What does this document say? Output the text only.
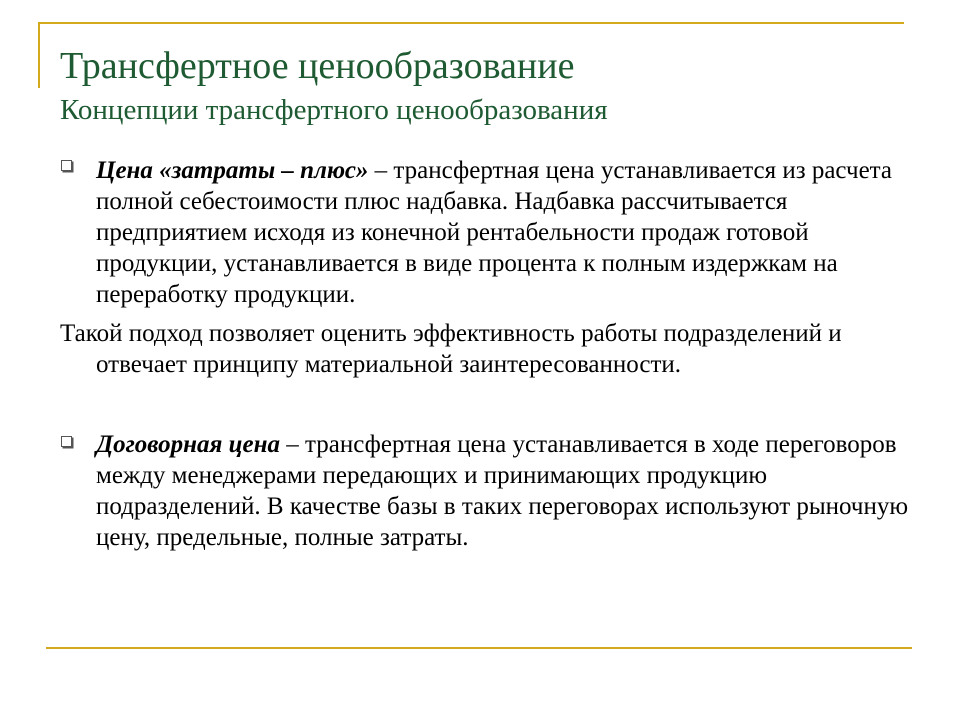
Трансфертное ценообразование
Концепции трансфертного ценообразования
Цена «затраты – плюс» – трансфертная цена устанавливается из расчета полной себестоимости плюс надбавка. Надбавка рассчитывается предприятием исходя из конечной рентабельности продаж готовой продукции, устанавливается в виде процента к полным издержкам на переработку продукции.
Такой подход позволяет оценить эффективность работы подразделений и отвечает принципу материальной заинтересованности.
Договорная цена – трансфертная цена устанавливается в ходе переговоров между менеджерами передающих и принимающих продукцию подразделений. В качестве базы в таких переговорах используют рыночную цену, предельные, полные затраты.
